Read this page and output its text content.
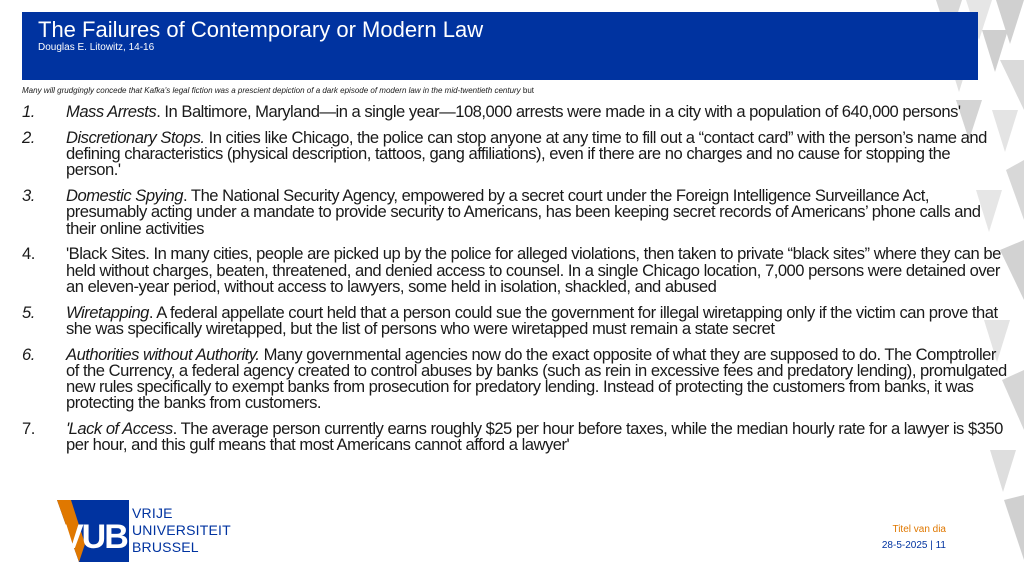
The Failures of Contemporary or Modern Law
Douglas E. Litowitz, 14-16
Many will grudgingly concede that Kafka's legal fiction was a prescient depiction of a dark episode of modern law in the mid-twentieth century but
1.	Mass Arrests. In Baltimore, Maryland—in a single year—108,000 arrests were made in a city with a population of 640,000 persons'
2.	Discretionary Stops. In cities like Chicago, the police can stop anyone at any time to fill out a “contact card” with the person’s name and defining characteristics (physical description, tattoos, gang affiliations), even if there are no charges and no cause for stopping the person.'
3.	Domestic Spying. The National Security Agency, empowered by a secret court under the Foreign Intelligence Surveillance Act, presumably acting under a mandate to provide security to Americans, has been keeping secret records of Americans’ phone calls and their online activities
4.	'Black Sites. In many cities, people are picked up by the police for alleged violations, then taken to private “black sites” where they can be held without charges, beaten, threatened, and denied access to counsel. In a single Chicago location, 7,000 persons were detained over an eleven-year period, without access to lawyers, some held in isolation, shackled, and abused
5.	Wiretapping. A federal appellate court held that a person could sue the government for illegal wiretapping only if the victim can prove that she was specifically wiretapped, but the list of persons who were wiretapped must remain a state secret
6.	Authorities without Authority. Many governmental agencies now do the exact opposite of what they are supposed to do. The Comptroller of the Currency, a federal agency created to control abuses by banks (such as rein in excessive fees and predatory lending), promulgated new rules specifically to exempt banks from prosecution for predatory lending. Instead of protecting the customers from banks, it was protecting the banks from customers.
7.	'Lack of Access. The average person currently earns roughly $25 per hour before taxes, while the median hourly rate for a lawyer is $350 per hour, and this gulf means that most Americans cannot afford a lawyer'
VUB
VRIJE
UNIVERSITEIT
BRUSSEL
Titel van dia
28-5-2025 | 11
